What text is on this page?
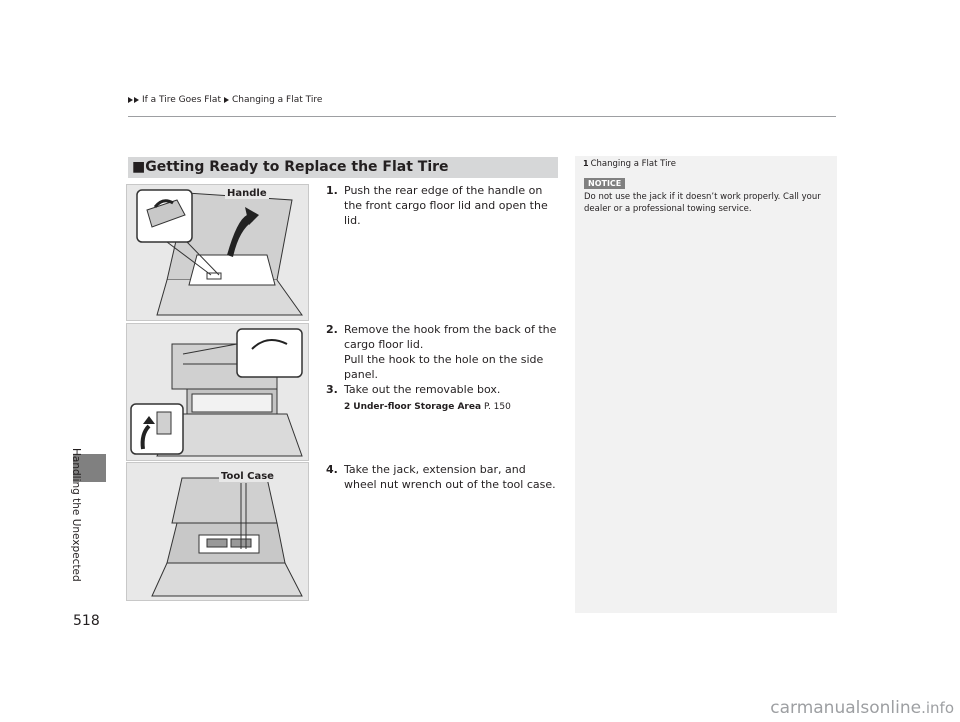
If a Tire Goes Flat Changing a Flat Tire
Handling the Unexpected
■Getting Ready to Replace the Flat Tire
Handle
Tool Case
1. Push the rear edge of the handle on the front cargo floor lid and open the lid.
2. Remove the hook from the back of the cargo floor lid.
Pull the hook to the hole on the side panel.
3. Take out the removable box.
2 Under-floor Storage Area P. 150
4. Take the jack, extension bar, and wheel nut wrench out of the tool case.
1 Changing a Flat Tire
NOTICE
Do not use the jack if it doesn’t work properly. Call your dealer or a professional towing service.
518
carmanualsonline.info
